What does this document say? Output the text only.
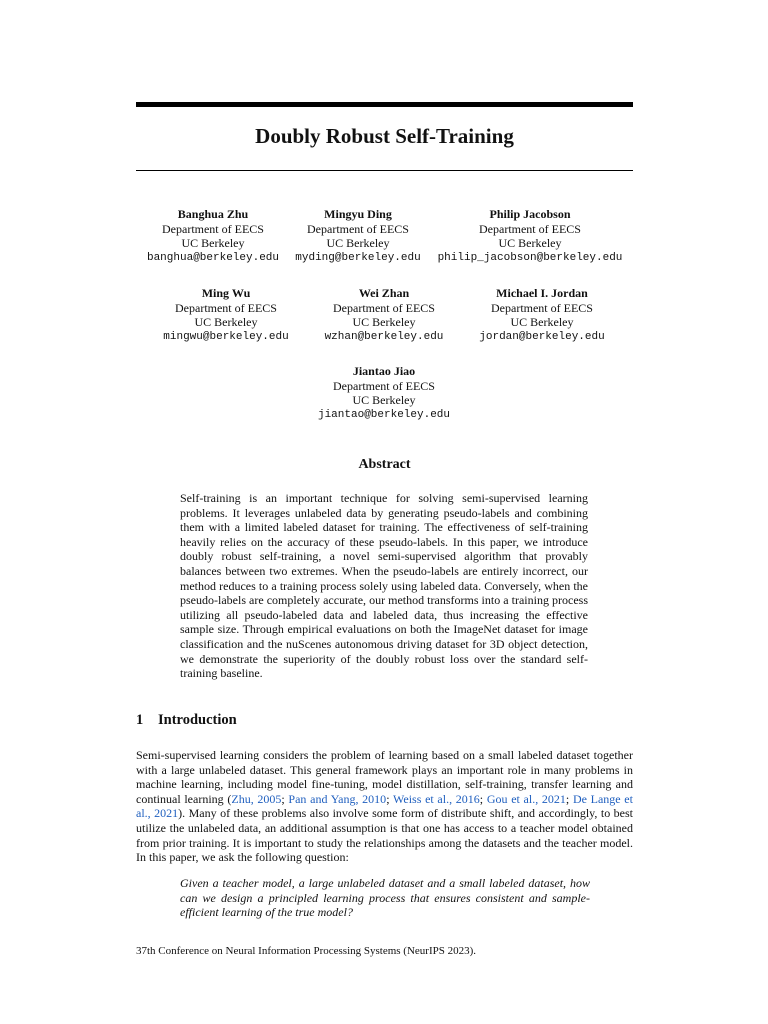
Doubly Robust Self-Training
Banghua Zhu
Department of EECS
UC Berkeley
banghua@berkeley.edu
Mingyu Ding
Department of EECS
UC Berkeley
myding@berkeley.edu
Philip Jacobson
Department of EECS
UC Berkeley
philip_jacobson@berkeley.edu
Ming Wu
Department of EECS
UC Berkeley
mingwu@berkeley.edu
Wei Zhan
Department of EECS
UC Berkeley
wzhan@berkeley.edu
Michael I. Jordan
Department of EECS
UC Berkeley
jordan@berkeley.edu
Jiantao Jiao
Department of EECS
UC Berkeley
jiantao@berkeley.edu
Abstract
Self-training is an important technique for solving semi-supervised learning problems. It leverages unlabeled data by generating pseudo-labels and combining them with a limited labeled dataset for training. The effectiveness of self-training heavily relies on the accuracy of these pseudo-labels. In this paper, we introduce doubly robust self-training, a novel semi-supervised algorithm that provably balances between two extremes. When the pseudo-labels are entirely incorrect, our method reduces to a training process solely using labeled data. Conversely, when the pseudo-labels are completely accurate, our method transforms into a training process utilizing all pseudo-labeled data and labeled data, thus increasing the effective sample size. Through empirical evaluations on both the ImageNet dataset for image classification and the nuScenes autonomous driving dataset for 3D object detection, we demonstrate the superiority of the doubly robust loss over the standard self-training baseline.
1 Introduction
Semi-supervised learning considers the problem of learning based on a small labeled dataset together with a large unlabeled dataset. This general framework plays an important role in many problems in machine learning, including model fine-tuning, model distillation, self-training, transfer learning and continual learning (Zhu, 2005; Pan and Yang, 2010; Weiss et al., 2016; Gou et al., 2021; De Lange et al., 2021). Many of these problems also involve some form of distribute shift, and accordingly, to best utilize the unlabeled data, an additional assumption is that one has access to a teacher model obtained from prior training. It is important to study the relationships among the datasets and the teacher model. In this paper, we ask the following question:
Given a teacher model, a large unlabeled dataset and a small labeled dataset, how can we design a principled learning process that ensures consistent and sample-efficient learning of the true model?
37th Conference on Neural Information Processing Systems (NeurIPS 2023).
